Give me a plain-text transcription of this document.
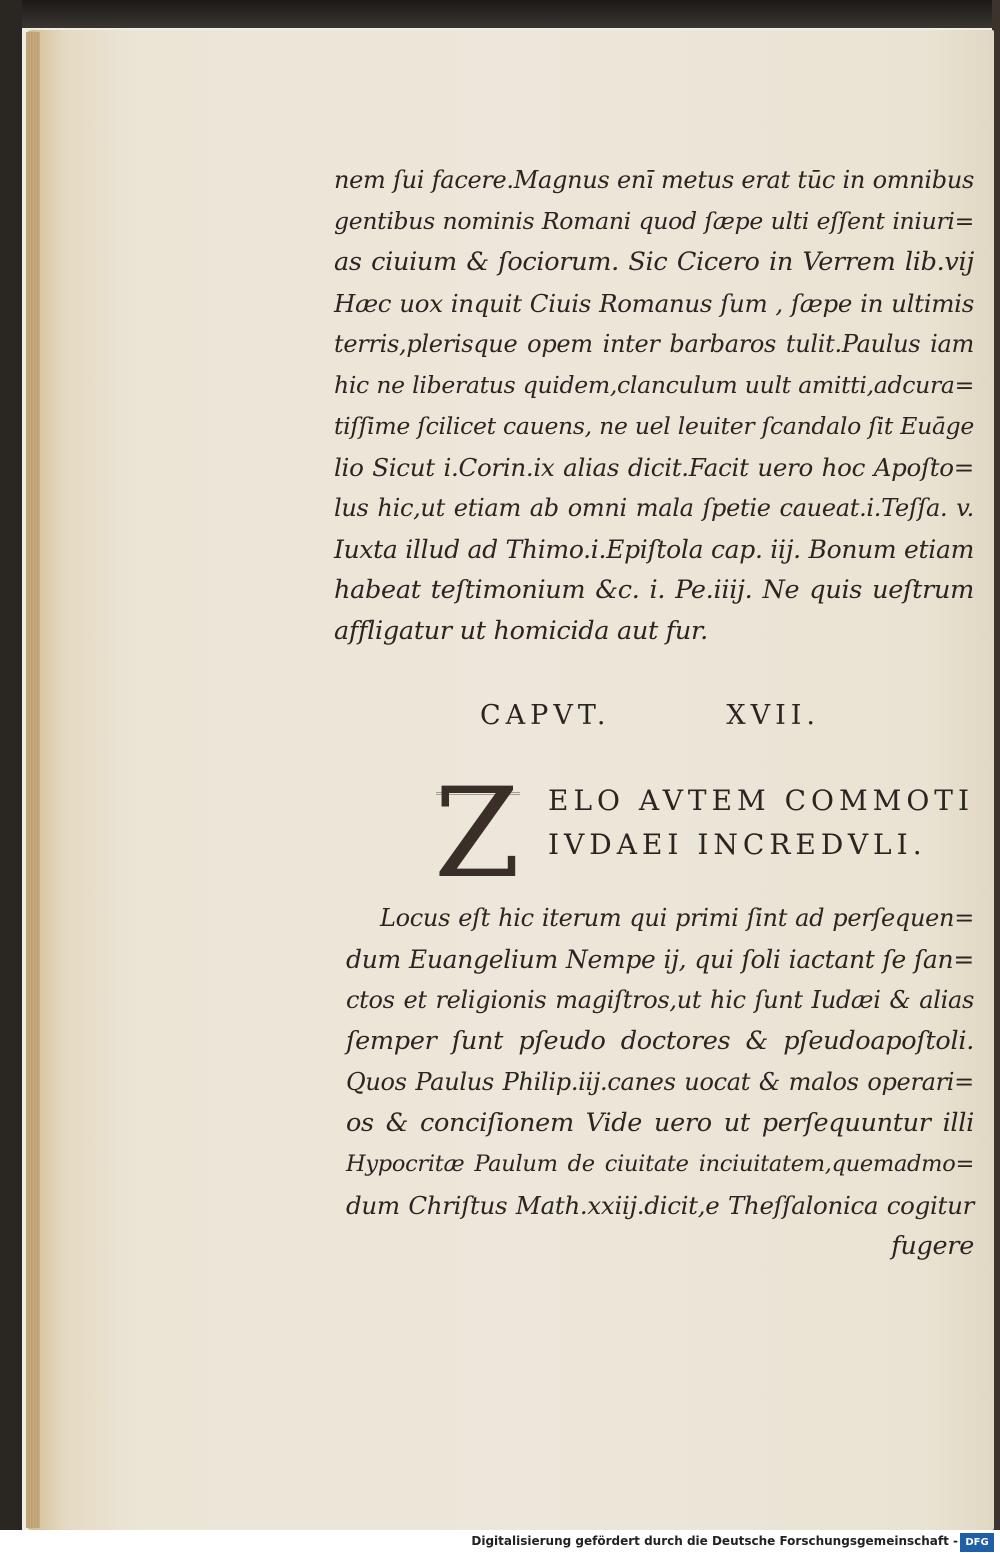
nem ſui facere.Magnus enī metus erat tūc in omnibus
gentibus nominis Romani quod ſæpe ulti eſſent iniuri=
as ciuium & ſociorum. Sic Cicero in Verrem lib.vij
Hæc uox inquit Ciuis Romanus ſum , ſæpe in ultimis
terris,plerisque opem inter barbaros tulit.Paulus iam
hic ne liberatus quidem,clanculum uult amitti,adcura=
tiſſime ſcilicet cauens, ne uel leuiter ſcandalo ſit Euāge
lio Sicut i.Corin.ix alias dicit.Facit uero hoc Apoſto=
lus hic,ut etiam ab omni mala ſpetie caueat.i.Teſſa. v.
Iuxta illud ad Thimo.i.Epiſtola cap. iij. Bonum etiam
habeat teſtimonium &c. i. Pe.iiij. Ne quis ueſtrum
affligatur ut homicida aut fur.
CAPVT.	XVII.
Z ELO AVTEM COMMOTI
IVDAEI INCREDVLI.
Locus eſt hic iterum qui primi ſint ad perſequen=
dum Euangelium Nempe ij, qui ſoli iactant ſe ſan=
ctos et religionis magiſtros,ut hic ſunt Iudæi & alias
ſemper ſunt pſeudo doctores & pſeudoapoſtoli.
Quos Paulus Philip.iij.canes uocat & malos operari=
os & conciſionem Vide uero ut perſequuntur illi
Hypocritæ Paulum de ciuitate inciuitatem,quemadmo=
dum Chriſtus Math.xxiij.dicit,e Theſſalonica cogitur
fugere
Digitalisierung gefördert durch die Deutsche Forschungsgemeinschaft - DFG
